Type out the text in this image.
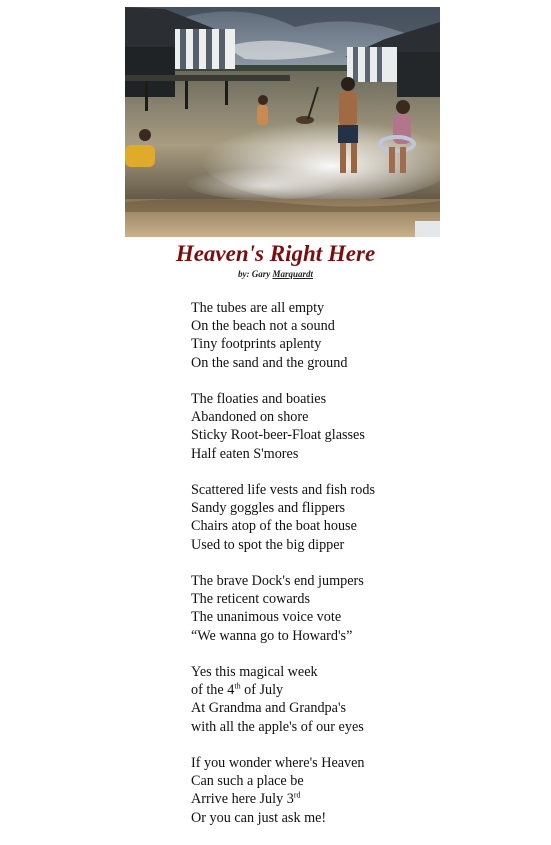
Heaven's Right Here
by: Gary Marquardt
The tubes are all empty
On the beach not a sound
Tiny footprints aplenty
On the sand and the ground
The floaties and boaties
Abandoned on shore
Sticky Root-beer-Float glasses
Half eaten S'mores
Scattered life vests and fish rods
Sandy goggles and flippers
Chairs atop of the boat house
Used to spot the big dipper
The brave Dock's end jumpers
The reticent cowards
The unanimous voice vote
“We wanna go to Howard's”
Yes this magical week
of the 4th of July
At Grandma and Grandpa's
with all the apple's of our eyes
If you wonder where's Heaven
Can such a place be
Arrive here July 3rd
Or you can just ask me!
